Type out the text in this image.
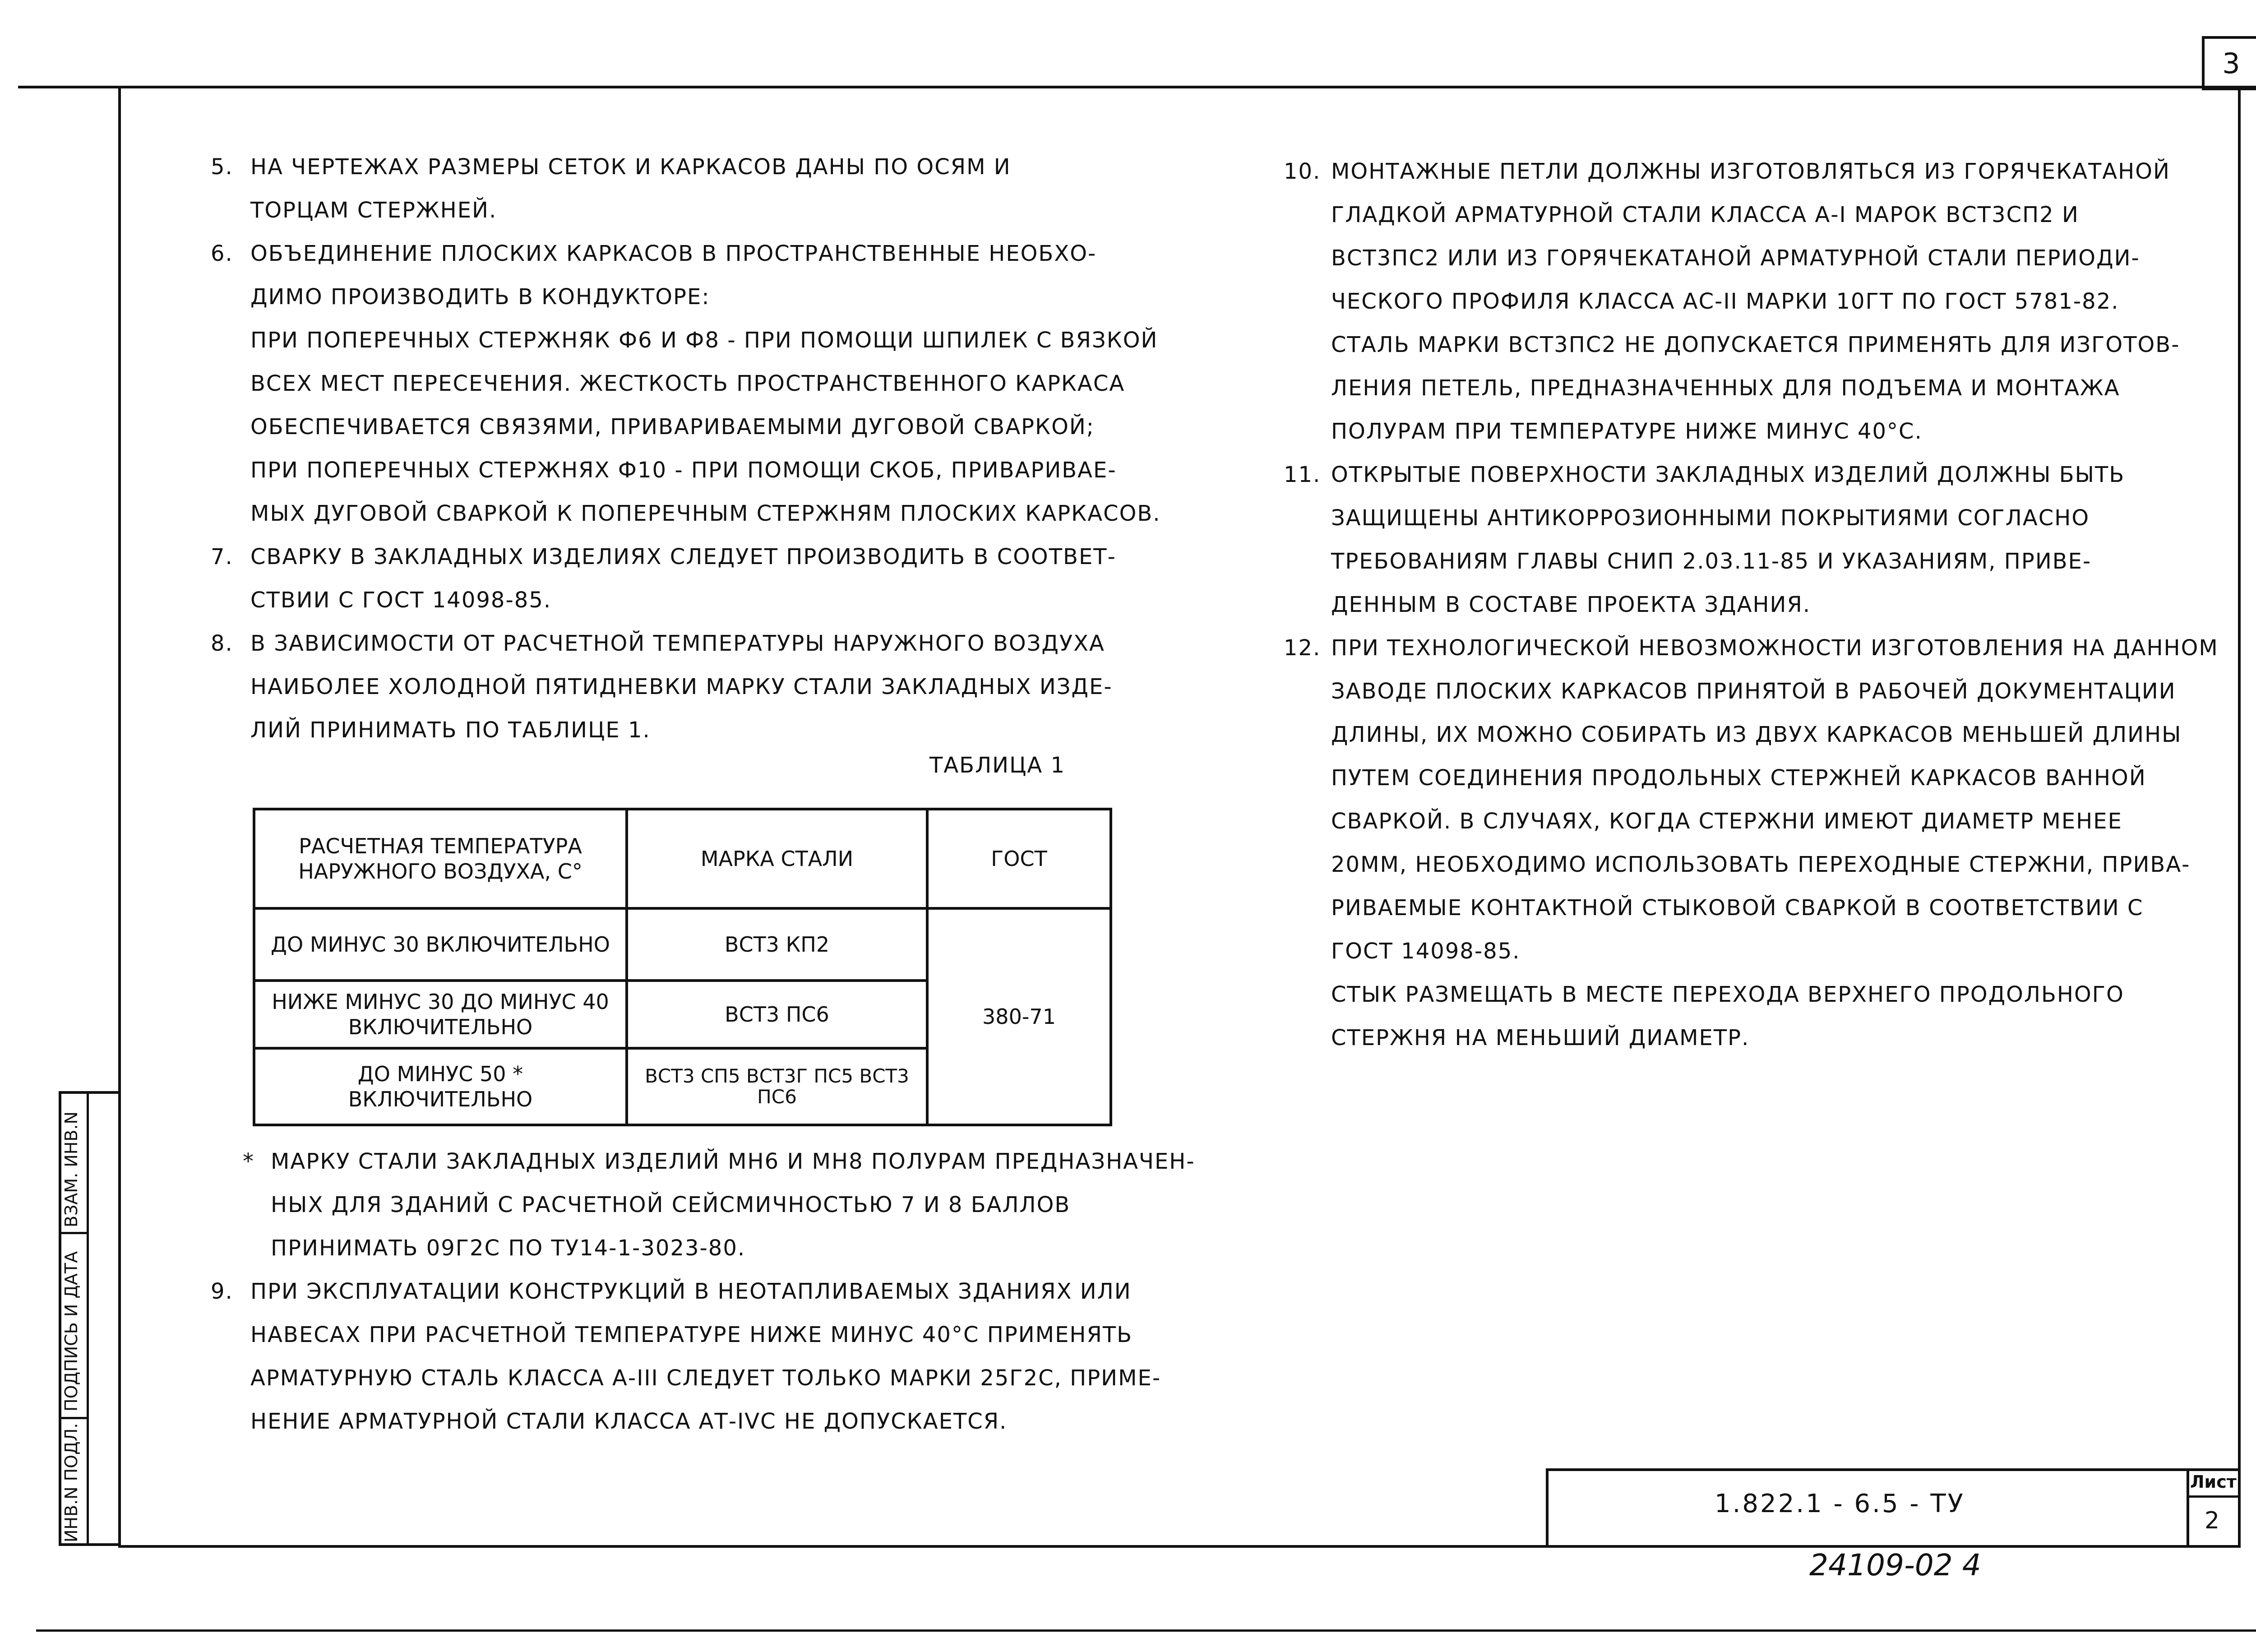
3
5. НА ЧЕРТЕЖАХ РАЗМЕРЫ СЕТОК И КАРКАСОВ ДАНЫ ПО ОСЯМ И
ТОРЦАМ СТЕРЖНЕЙ.
6. ОБЪЕДИНЕНИЕ ПЛОСКИХ КАРКАСОВ В ПРОСТРАНСТВЕННЫЕ НЕОБХО-
ДИМО ПРОИЗВОДИТЬ В КОНДУКТОРЕ:
ПРИ ПОПЕРЕЧНЫХ СТЕРЖНЯК Ф6 И Ф8 - ПРИ ПОМОЩИ ШПИЛЕК С ВЯЗКОЙ
ВСЕХ МЕСТ ПЕРЕСЕЧЕНИЯ. ЖЕСТКОСТЬ ПРОСТРАНСТВЕННОГО КАРКАСА
ОБЕСПЕЧИВАЕТСЯ СВЯЗЯМИ, ПРИВАРИВАЕМЫМИ ДУГОВОЙ СВАРКОЙ;
ПРИ ПОПЕРЕЧНЫХ СТЕРЖНЯХ Ф10 - ПРИ ПОМОЩИ СКОБ, ПРИВАРИВАE-
МЫХ ДУГОВОЙ СВАРКОЙ К ПОПЕРЕЧНЫМ СТЕРЖНЯМ ПЛОСКИХ КАРКАСОВ.
7. СВАРКУ В ЗАКЛАДНЫХ ИЗДЕЛИЯХ СЛЕДУЕТ ПРОИЗВОДИТЬ В СООТВЕТ-
СТВИИ С ГОСТ 14098-85.
8. В ЗАВИСИМОСТИ ОТ РАСЧЕТНОЙ ТЕМПЕРАТУРЫ НАРУЖНОГО ВОЗДУХА
НАИБОЛЕЕ ХОЛОДНОЙ ПЯТИДНЕВКИ МАРКУ СТАЛИ ЗАКЛАДНЫХ ИЗДЕ-
ЛИЙ ПРИНИМАТЬ ПО ТАБЛИЦЕ 1.
ТАБЛИЦА 1
РАСЧЕТНАЯ ТЕМПЕРАТУРА НАРУЖНОГО ВОЗДУХА, С°	МАРКА СТАЛИ	ГОСТ
ДО МИНУС 30 ВКЛЮЧИТЕЛЬНО	ВСТ3 КП2	380-71
НИЖЕ МИНУС 30 ДО МИНУС 40 ВКЛЮЧИТЕЛЬНО	ВСТ3 ПС6	
ДО МИНУС 50 * ВКЛЮЧИТЕЛЬНО	ВСТ3 СП5 ВСТ3Г ПС5 ВСТ3 ПС6	
* МАРКУ СТАЛИ ЗАКЛАДНЫХ ИЗДЕЛИЙ МН6 И МН8 ПОЛУРАМ ПРЕДНАЗНАЧЕН-
НЫХ ДЛЯ ЗДАНИЙ С РАСЧЕТНОЙ СЕЙСМИЧНОСТЬЮ 7 И 8 БАЛЛОВ
ПРИНИМАТЬ 09Г2С ПО ТУ14-1-3023-80.
9. ПРИ ЭКСПЛУАТАЦИИ КОНСТРУКЦИЙ В НЕОТАПЛИВАЕМЫХ ЗДАНИЯХ ИЛИ
НАВЕСАХ ПРИ РАСЧЕТНОЙ ТЕМПЕРАТУРЕ НИЖЕ МИНУС 40°С ПРИМЕНЯТЬ
АРМАТУРНУЮ СТАЛЬ КЛАССА А-III СЛЕДУЕТ ТОЛЬКО МАРКИ 25Г2С, ПРИМЕ-
НЕНИЕ АРМАТУРНОЙ СТАЛИ КЛАССА АТ-IVС НЕ ДОПУСКАЕТСЯ.
10. МОНТАЖНЫЕ ПЕТЛИ ДОЛЖНЫ ИЗГОТОВЛЯТЬСЯ ИЗ ГОРЯЧЕКАТАНОЙ
ГЛАДКОЙ АРМАТУРНОЙ СТАЛИ КЛАССА А-I МАРОК ВСТ3СП2 И
ВСТ3ПС2 ИЛИ ИЗ ГОРЯЧЕКАТАНОЙ АРМАТУРНОЙ СТАЛИ ПЕРИОДИ-
ЧЕСКОГО ПРОФИЛЯ КЛАССА АС-II МАРКИ 10ГТ ПО ГОСТ 5781-82.
СТАЛЬ МАРКИ ВСТ3ПС2 НЕ ДОПУСКАЕТСЯ ПРИМЕНЯТЬ ДЛЯ ИЗГОТОВ-
ЛЕНИЯ ПЕТЕЛЬ, ПРЕДНАЗНАЧЕННЫХ ДЛЯ ПОДЪЕМА И МОНТАЖА
ПОЛУРАМ ПРИ ТЕМПЕРАТУРЕ НИЖЕ МИНУС 40°С.
11. ОТКРЫТЫЕ ПОВЕРХНОСТИ ЗАКЛАДНЫХ ИЗДЕЛИЙ ДОЛЖНЫ БЫТЬ
ЗАЩИЩЕНЫ АНТИКОРРОЗИОННЫМИ ПОКРЫТИЯМИ СОГЛАСНО
ТРЕБОВАНИЯМ ГЛАВЫ СНИП 2.03.11-85 И УКАЗАНИЯМ, ПРИВЕ-
ДЕННЫМ В СОСТАВЕ ПРОЕКТА ЗДАНИЯ.
12. ПРИ ТЕХНОЛОГИЧЕСКОЙ НЕВОЗМОЖНОСТИ ИЗГОТОВЛЕНИЯ НА ДАННОМ
ЗАВОДЕ ПЛОСКИХ КАРКАСОВ ПРИНЯТОЙ В РАБОЧЕЙ ДОКУМЕНТАЦИИ
ДЛИНЫ, ИХ МОЖНО СОБИРАТЬ ИЗ ДВУХ КАРКАСОВ МЕНЬШЕЙ ДЛИНЫ
ПУТЕМ СОЕДИНЕНИЯ ПРОДОЛЬНЫХ СТЕРЖНЕЙ КАРКАСОВ ВАННОЙ
СВАРКОЙ. В СЛУЧАЯХ, КОГДА СТЕРЖНИ ИМЕЮТ ДИАМЕТР МЕНЕЕ
20ММ, НЕОБХОДИМО ИСПОЛЬЗОВАТЬ ПЕРЕХОДНЫЕ СТЕРЖНИ, ПРИВА-
РИВАЕМЫЕ КОНТАКТНОЙ СТЫКОВОЙ СВАРКОЙ В СООТВЕТСТВИИ С
ГОСТ 14098-85.
СТЫК РАЗМЕЩАТЬ В МЕСТЕ ПЕРЕХОДА ВЕРХНЕГО ПРОДОЛЬНОГО
СТЕРЖНЯ НА МЕНЬШИЙ ДИАМЕТР.
ИНВ.N ПОДЛ.
ПОДПИСЬ И ДАТА
ВЗАМ. ИНВ.N
1.822.1 - 6.5 - ТУ
Лист
2
24109-02 4
